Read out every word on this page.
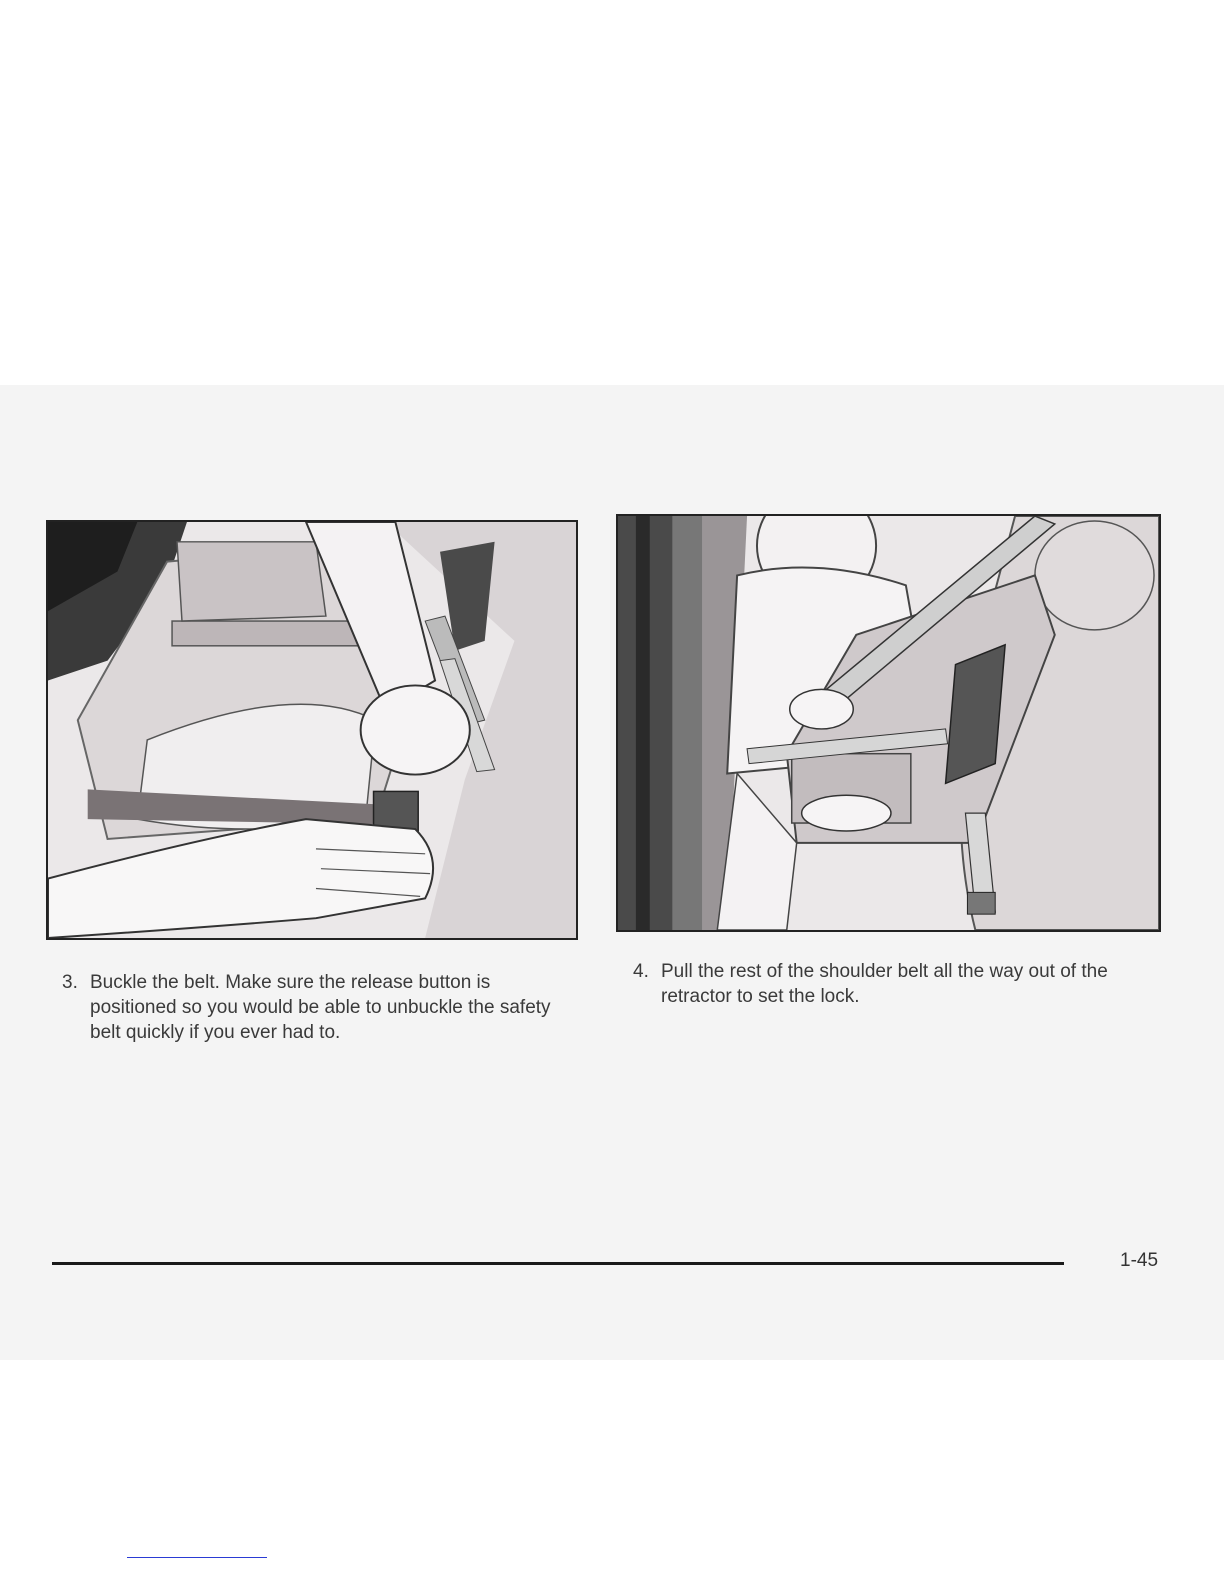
3. Buckle the belt. Make sure the release button is positioned so you would be able to unbuckle the safety belt quickly if you ever had to.
4. Pull the rest of the shoulder belt all the way out of the retractor to set the lock.
1-45
